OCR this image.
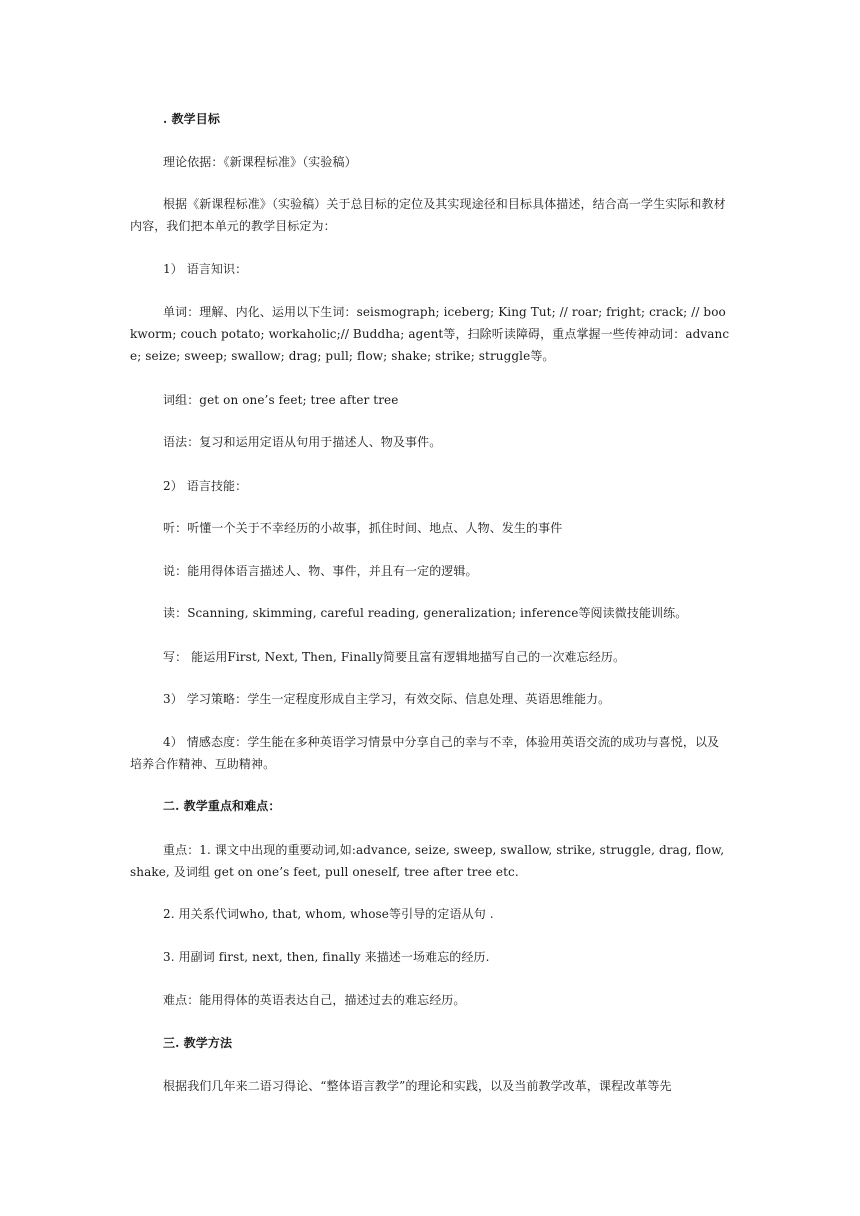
. 教学目标
理论依据：《新课程标准》（实验稿）
根据《新课程标准》（实验稿）关于总目标的定位及其实现途径和目标具体描述，结合高一学生实际和教材内容，我们把本单元的教学目标定为：
1） 语言知识：
单词：理解、内化、运用以下生词：seismograph; iceberg; King Tut; // roar; fright; crack; // bookworm; couch potato; workaholic;// Buddha; agent等，扫除听读障碍，重点掌握一些传神动词：advance; seize; sweep; swallow; drag; pull; flow; shake; strike; struggle等。
词组：get on one’s feet; tree after tree
语法：复习和运用定语从句用于描述人、物及事件。
2） 语言技能：
听：听懂一个关于不幸经历的小故事，抓住时间、地点、人物、发生的事件
说：能用得体语言描述人、物、事件，并且有一定的逻辑。
读：Scanning, skimming, careful reading, generalization; inference等阅读微技能训练。
写： 能运用First, Next, Then, Finally简要且富有逻辑地描写自己的一次难忘经历。
3） 学习策略：学生一定程度形成自主学习，有效交际、信息处理、英语思维能力。
4） 情感态度：学生能在多种英语学习情景中分享自己的幸与不幸，体验用英语交流的成功与喜悦，以及培养合作精神、互助精神。
二. 教学重点和难点：
重点：1. 课文中出现的重要动词,如:advance, seize, sweep, swallow, strike, struggle, drag, flow, shake, 及词组 get on one’s feet, pull oneself, tree after tree etc.
2. 用关系代词who, that, whom, whose等引导的定语从句 .
3. 用副词 first, next, then, finally 来描述一场难忘的经历.
难点：能用得体的英语表达自己，描述过去的难忘经历。
三. 教学方法
根据我们几年来二语习得论、“整体语言教学”的理论和实践，以及当前教学改革，课程改革等先
